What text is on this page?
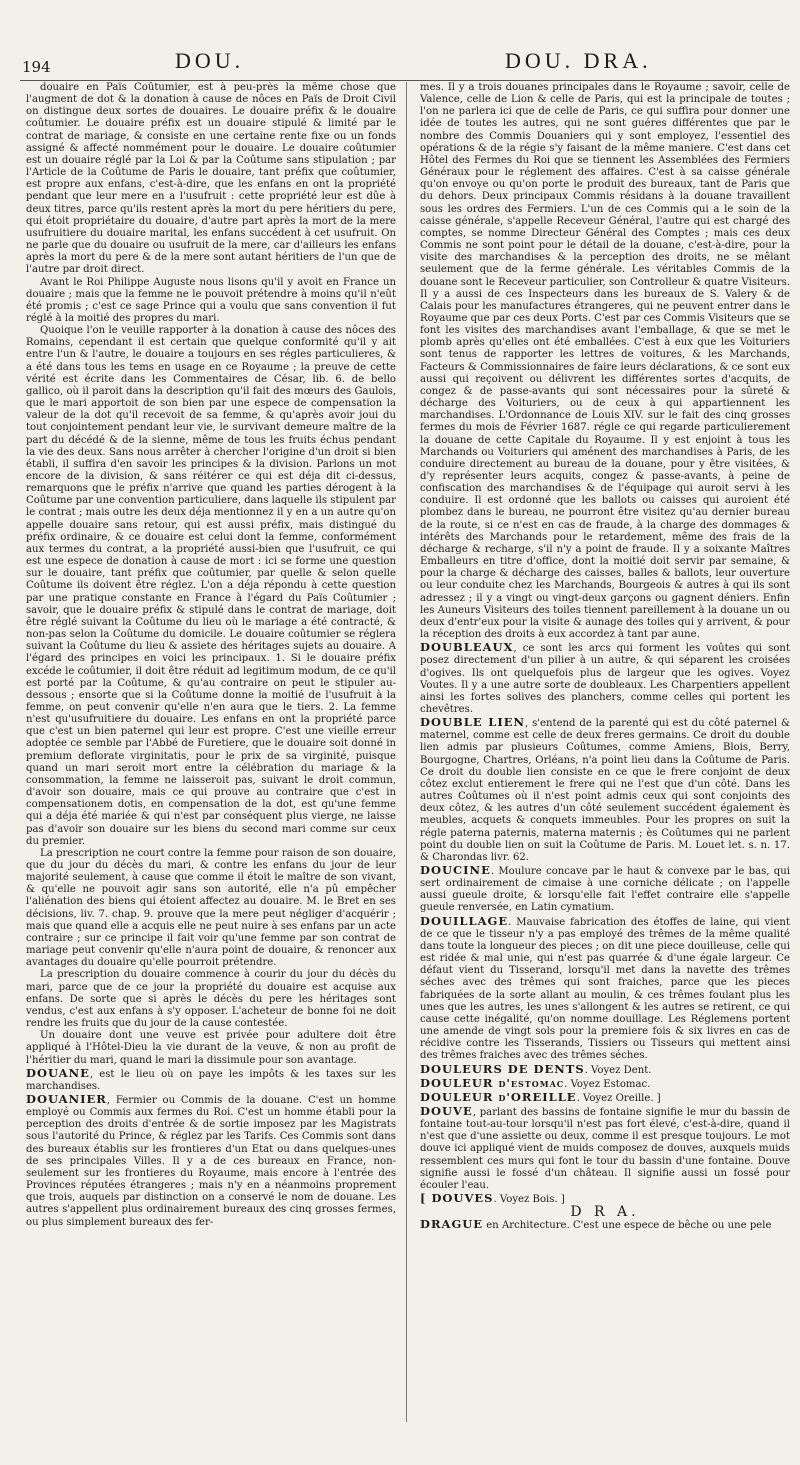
194	DOU.	DOU. DRA.

douaire en Païs Coûtumier, est à peu-près la même chose que l'augment de dot & la donation à cause de nôces en Païs de Droit Civil on distingue deux sortes de douaires. Le douaire préfix & le douaire coûtumier. Le douaire préfix est un douaire stipulé & limité par le contrat de mariage, & consiste en une certaine rente fixe ou un fonds assigné & affecté nommément pour le douaire. Le douaire coûtumier est un douaire réglé par la Loi & par la Coûtume sans stipulation ; par l'Article de la Coûtume de Paris le douaire, tant préfix que coûtumier, est propre aux enfans, c'est-à-dire, que les enfans en ont la propriété pendant que leur mere en a l'usufruit : cette propriété leur est dûe à deux titres, parce qu'ils restent après la mort du pere héritiers du pere, qui étoit propriétaire du douaire, d'autre part après la mort de la mere usufruitiere du douaire marital, les enfans succédent à cet usufruit. On ne parle que du douaire ou usufruit de la mere, car d'ailleurs les enfans après la mort du pere & de la mere sont autant héritiers de l'un que de l'autre par droit direct.

Avant le Roi Philippe Auguste nous lisons qu'il y avoit en France un douaire ; mais que la femme ne le pouvoit prétendre à moins qu'il n'eût été promis ; c'est ce sage Prince qui a voulu que sans convention il fut réglé à la moitié des propres du mari.

Quoique l'on le veuille rapporter à la donation à cause des nôces des Romains, cependant il est certain que quelque conformité qu'il y ait entre l'un & l'autre, le douaire a toujours en ses régles particulieres, & a été dans tous les tems en usage en ce Royaume ; la preuve de cette vérité est écrite dans les Commentaires de César, lib. 6. de bello gallico, où il paroit dans la description qu'il fait des mœurs des Gaulois, que le mari apportoit de son bien par une espece de compensation la valeur de la dot qu'il recevoit de sa femme, & qu'après avoir joui du tout conjointement pendant leur vie, le survivant demeure maître de la part du décédé & de la sienne, même de tous les fruits échus pendant la vie des deux. Sans nous arrêter à chercher l'origine d'un droit si bien établi, il suffira d'en savoir les principes & la division. Parlons un mot encore de la division, & sans réitérer ce qui est déja dit ci-dessus, remarquons que le préfix n'arrive que quand les parties dérogent à la Coûtume par une convention particuliere, dans laquelle ils stipulent par le contrat ; mais outre les deux déja mentionnez il y en a un autre qu'on appelle douaire sans retour, qui est aussi préfix, mais distingué du préfix ordinaire, & ce douaire est celui dont la femme, conformément aux termes du contrat, a la propriété aussi-bien que l'usufruit, ce qui est une espece de donation à cause de mort : ici se forme une question sur le douaire, tant préfix que coûtumier, par quelle & selon quelle Coûtume ils doivent être réglez. L'on a déja répondu à cette question par une pratique constante en France à l'égard du Païs Coûtumier ; savoir, que le douaire préfix & stipulé dans le contrat de mariage, doit être réglé suivant la Coûtume du lieu où le mariage a été contracté, & non-pas selon la Coûtume du domicile. Le douaire coûtumier se réglera suivant la Coûtume du lieu & assiete des héritages sujets au douaire. A l'égard des principes en voici les principaux. 1. Si le douaire préfix excéde le coûtumier, il doit être réduit ad legitimum modum, de ce qu'il est porté par la Coûtume, & qu'au contraire on peut le stipuler au-dessous ; ensorte que si la Coûtume donne la moitié de l'usufruit à la femme, on peut convenir qu'elle n'en aura que le tiers. 2. La femme n'est qu'usufruitiere du douaire. Les enfans en ont la propriété parce que c'est un bien paternel qui leur est propre. C'est une vieille erreur adoptée ce semble par l'Abbé de Furetiere, que le douaire soit donné in premium deflorate virginitatis, pour le prix de sa virginité, puisque quand un mari seroit mort entre la célébration du mariage & la consommation, la femme ne laisseroit pas, suivant le droit commun, d'avoir son douaire, mais ce qui prouve au contraire que c'est in compensationem dotis, en compensation de la dot, est qu'une femme qui a déja été mariée & qui n'est par conséquent plus vierge, ne laisse pas d'avoir son douaire sur les biens du second mari comme sur ceux du premier.

La prescription ne court contre la femme pour raison de son douaire, que du jour du décès du mari, & contre les enfans du jour de leur majorité seulement, à cause que comme il étoit le maître de son vivant, & qu'elle ne pouvoit agir sans son autorité, elle n'a pû empêcher l'aliénation des biens qui étoient affectez au douaire. M. le Bret en ses décisions, liv. 7. chap. 9. prouve que la mere peut négliger d'acquérir ; mais que quand elle a acquis elle ne peut nuire à ses enfans par un acte contraire ; sur ce principe il fait voir qu'une femme par son contrat de mariage peut convenir qu'elle n'aura point de douaire, & renoncer aux avantages du douaire qu'elle pourroit prétendre.

La prescription du douaire commence à courir du jour du décès du mari, parce que de ce jour la propriété du douaire est acquise aux enfans. De sorte que si après le décès du pere les héritages sont vendus, c'est aux enfans à s'y opposer. L'acheteur de bonne foi ne doit rendre les fruits que du jour de la cause contestée.

Un douaire dont une veuve est privée pour adultere doit être appliqué à l'Hôtel-Dieu la vie durant de la veuve, & non au profit de l'héritier du mari, quand le mari la dissimule pour son avantage.

DOUANE, est le lieu où on paye les impôts & les taxes sur les marchandises.

DOUANIER, Fermier ou Commis de la douane. C'est un homme employé ou Commis aux fermes du Roi. C'est un homme établi pour la perception des droits d'entrée & de sortie imposez par les Magistrats sous l'autorité du Prince, & réglez par les Tarifs. Ces Commis sont dans des bureaux établis sur les frontieres d'un Etat ou dans quelques-unes de ses principales Villes. Il y a de ces bureaux en France, non-seulement sur les frontieres du Royaume, mais encore à l'entrée des Provinces réputées étrangeres ; mais n'y en a néanmoins proprement que trois, auquels par distinction on a conservé le nom de douane. Les autres s'appellent plus ordinairement bureaux des cinq grosses fermes, ou plus simplement bureaux des fer-

mes. Il y a trois douanes principales dans le Royaume ; savoir, celle de Valence, celle de Lion & celle de Paris, qui est la principale de toutes ; l'on ne parlera ici que de celle de Paris, ce qui suffira pour donner une idée de toutes les autres, qui ne sont guéres différentes que par le nombre des Commis Douaniers qui y sont employez, l'essentiel des opérations & de la régie s'y faisant de la même maniere. C'est dans cet Hôtel des Fermes du Roi que se tiennent les Assemblées des Fermiers Généraux pour le réglement des affaires. C'est à sa caisse générale qu'on envoye ou qu'on porte le produit des bureaux, tant de Paris que du dehors. Deux principaux Commis résidans à la douane travaillent sous les ordres des Fermiers. L'un de ces Commis qui a le soin de la caisse générale, s'appelle Receveur Général, l'autre qui est chargé des comptes, se nomme Directeur Général des Comptes ; mais ces deux Commis ne sont point pour le détail de la douane, c'est-à-dire, pour la visite des marchandises & la perception des droits, ne se mêlant seulement que de la ferme générale. Les véritables Commis de la douane sont le Receveur particulier, son Controlleur & quatre Visiteurs. Il y a aussi de ces Inspecteurs dans les bureaux de S. Valery & de Calais pour les manufactures étrangeres, qui ne peuvent entrer dans le Royaume que par ces deux Ports. C'est par ces Commis Visiteurs que se font les visites des marchandises avant l'emballage, & que se met le plomb après qu'elles ont été emballées. C'est à eux que les Voituriers sont tenus de rapporter les lettres de voitures, & les Marchands, Facteurs & Commissionnaires de faire leurs déclarations, & ce sont eux aussi qui reçoivent ou délivrent les différentes sortes d'acquits, de congez & de passe-avants qui sont nécessaires pour la sûreté & décharge des Voituriers, ou de ceux à qui appartiennent les marchandises. L'Ordonnance de Louis XIV. sur le fait des cinq grosses fermes du mois de Février 1687. régle ce qui regarde particulierement la douane de cette Capitale du Royaume. Il y est enjoint à tous les Marchands ou Voituriers qui aménent des marchandises à Paris, de les conduire directement au bureau de la douane, pour y être visitées, & d'y représenter leurs acquits, congez & passe-avants, à peine de confiscation des marchandises & de l'équipage qui auroit servi à les conduire. Il est ordonné que les ballots ou caisses qui auroient été plombez dans le bureau, ne pourront être visitez qu'au dernier bureau de la route, si ce n'est en cas de fraude, à la charge des dommages & intérêts des Marchands pour le retardement, même des frais de la décharge & recharge, s'il n'y a point de fraude. Il y a soixante Maîtres Emballeurs en titre d'office, dont la moitié doit servir par semaine, & pour la charge & décharge des caisses, balles & ballots, leur ouverture ou leur conduite chez les Marchands, Bourgeois & autres à qui ils sont adressez ; il y a vingt ou vingt-deux garçons ou gagnent déniers. Enfin les Auneurs Visiteurs des toiles tiennent pareillement à la douane un ou deux d'entr'eux pour la visite & aunage des toiles qui y arrivent, & pour la réception des droits à eux accordez à tant par aune.

DOUBLEAUX, ce sont les arcs qui forment les voûtes qui sont posez directement d'un pilier à un autre, & qui séparent les croisées d'ogives. Ils ont quelquefois plus de largeur que les ogives. Voyez Voutes. Il y a une autre sorte de doubleaux. Les Charpentiers appellent ainsi les fortes solives des planchers, comme celles qui portent les chevêtres.

DOUBLE LIEN, s'entend de la parenté qui est du côté paternel & maternel, comme est celle de deux freres germains. Ce droit du double lien admis par plusieurs Coûtumes, comme Amiens, Blois, Berry, Bourgogne, Chartres, Orléans, n'a point lieu dans la Coûtume de Paris. Ce droit du double lien consiste en ce que le frere conjoint de deux côtez exclut entierement le frere qui ne l'est que d'un côté. Dans les autres Coûtumes où il n'est point admis ceux qui sont conjoints des deux côtez, & les autres d'un côté seulement succédent également ès meubles, acquets & conquets immeubles. Pour les propres on suit la régle paterna paternis, materna maternis ; ès Coûtumes qui ne parlent point du double lien on suit la Coûtume de Paris. M. Louet let. s. n. 17. & Charondas livr. 62.

DOUCINE. Moulure concave par le haut & convexe par le bas, qui sert ordinairement de cimaise à une corniche délicate ; on l'appelle aussi gueule droite, & lorsqu'elle fait l'effet contraire elle s'appelle gueule renversée, en Latin cymatium.

DOUILLAGE. Mauvaise fabrication des étoffes de laine, qui vient de ce que le tisseur n'y a pas employé des trêmes de la même qualité dans toute la longueur des pieces ; on dit une piece douilleuse, celle qui est ridée & mal unie, qui n'est pas quarrée & d'une égale largeur. Ce défaut vient du Tisserand, lorsqu'il met dans la navette des trêmes séches avec des trêmes qui sont fraiches, parce que les pieces fabriquées de la sorte allant au moulin, & ces trêmes foulant plus les unes que les autres, les unes s'allongent & les autres se retirent, ce qui cause cette inégalité, qu'on nomme douillage. Les Réglemens portent une amende de vingt sols pour la premiere fois & six livres en cas de récidive contre les Tisserands, Tissiers ou Tisseurs qui mettent ainsi des trêmes fraiches avec des trêmes séches.

DOULEURS DE DENTS. Voyez Dent.

DOULEUR d'estomac. Voyez Estomac.

DOULEUR d'OREILLE. Voyez Oreille. ]

DOUVE, parlant des bassins de fontaine signifie le mur du bassin de fontaine tout-au-tour lorsqu'il n'est pas fort élevé, c'est-à-dire, quand il n'est que d'une assiette ou deux, comme il est presque toujours. Le mot douve ici appliqué vient de muids composez de douves, auxquels muids ressemblent ces murs qui font le tour du bassin d'une fontaine. Douve signifie aussi le fossé d'un château. Il signifie aussi un fossé pour écouler l'eau.

[ DOUVES. Voyez Bois. ]

D R A.

DRAGUE en Architecture. C'est une espece de bêche ou une pele
